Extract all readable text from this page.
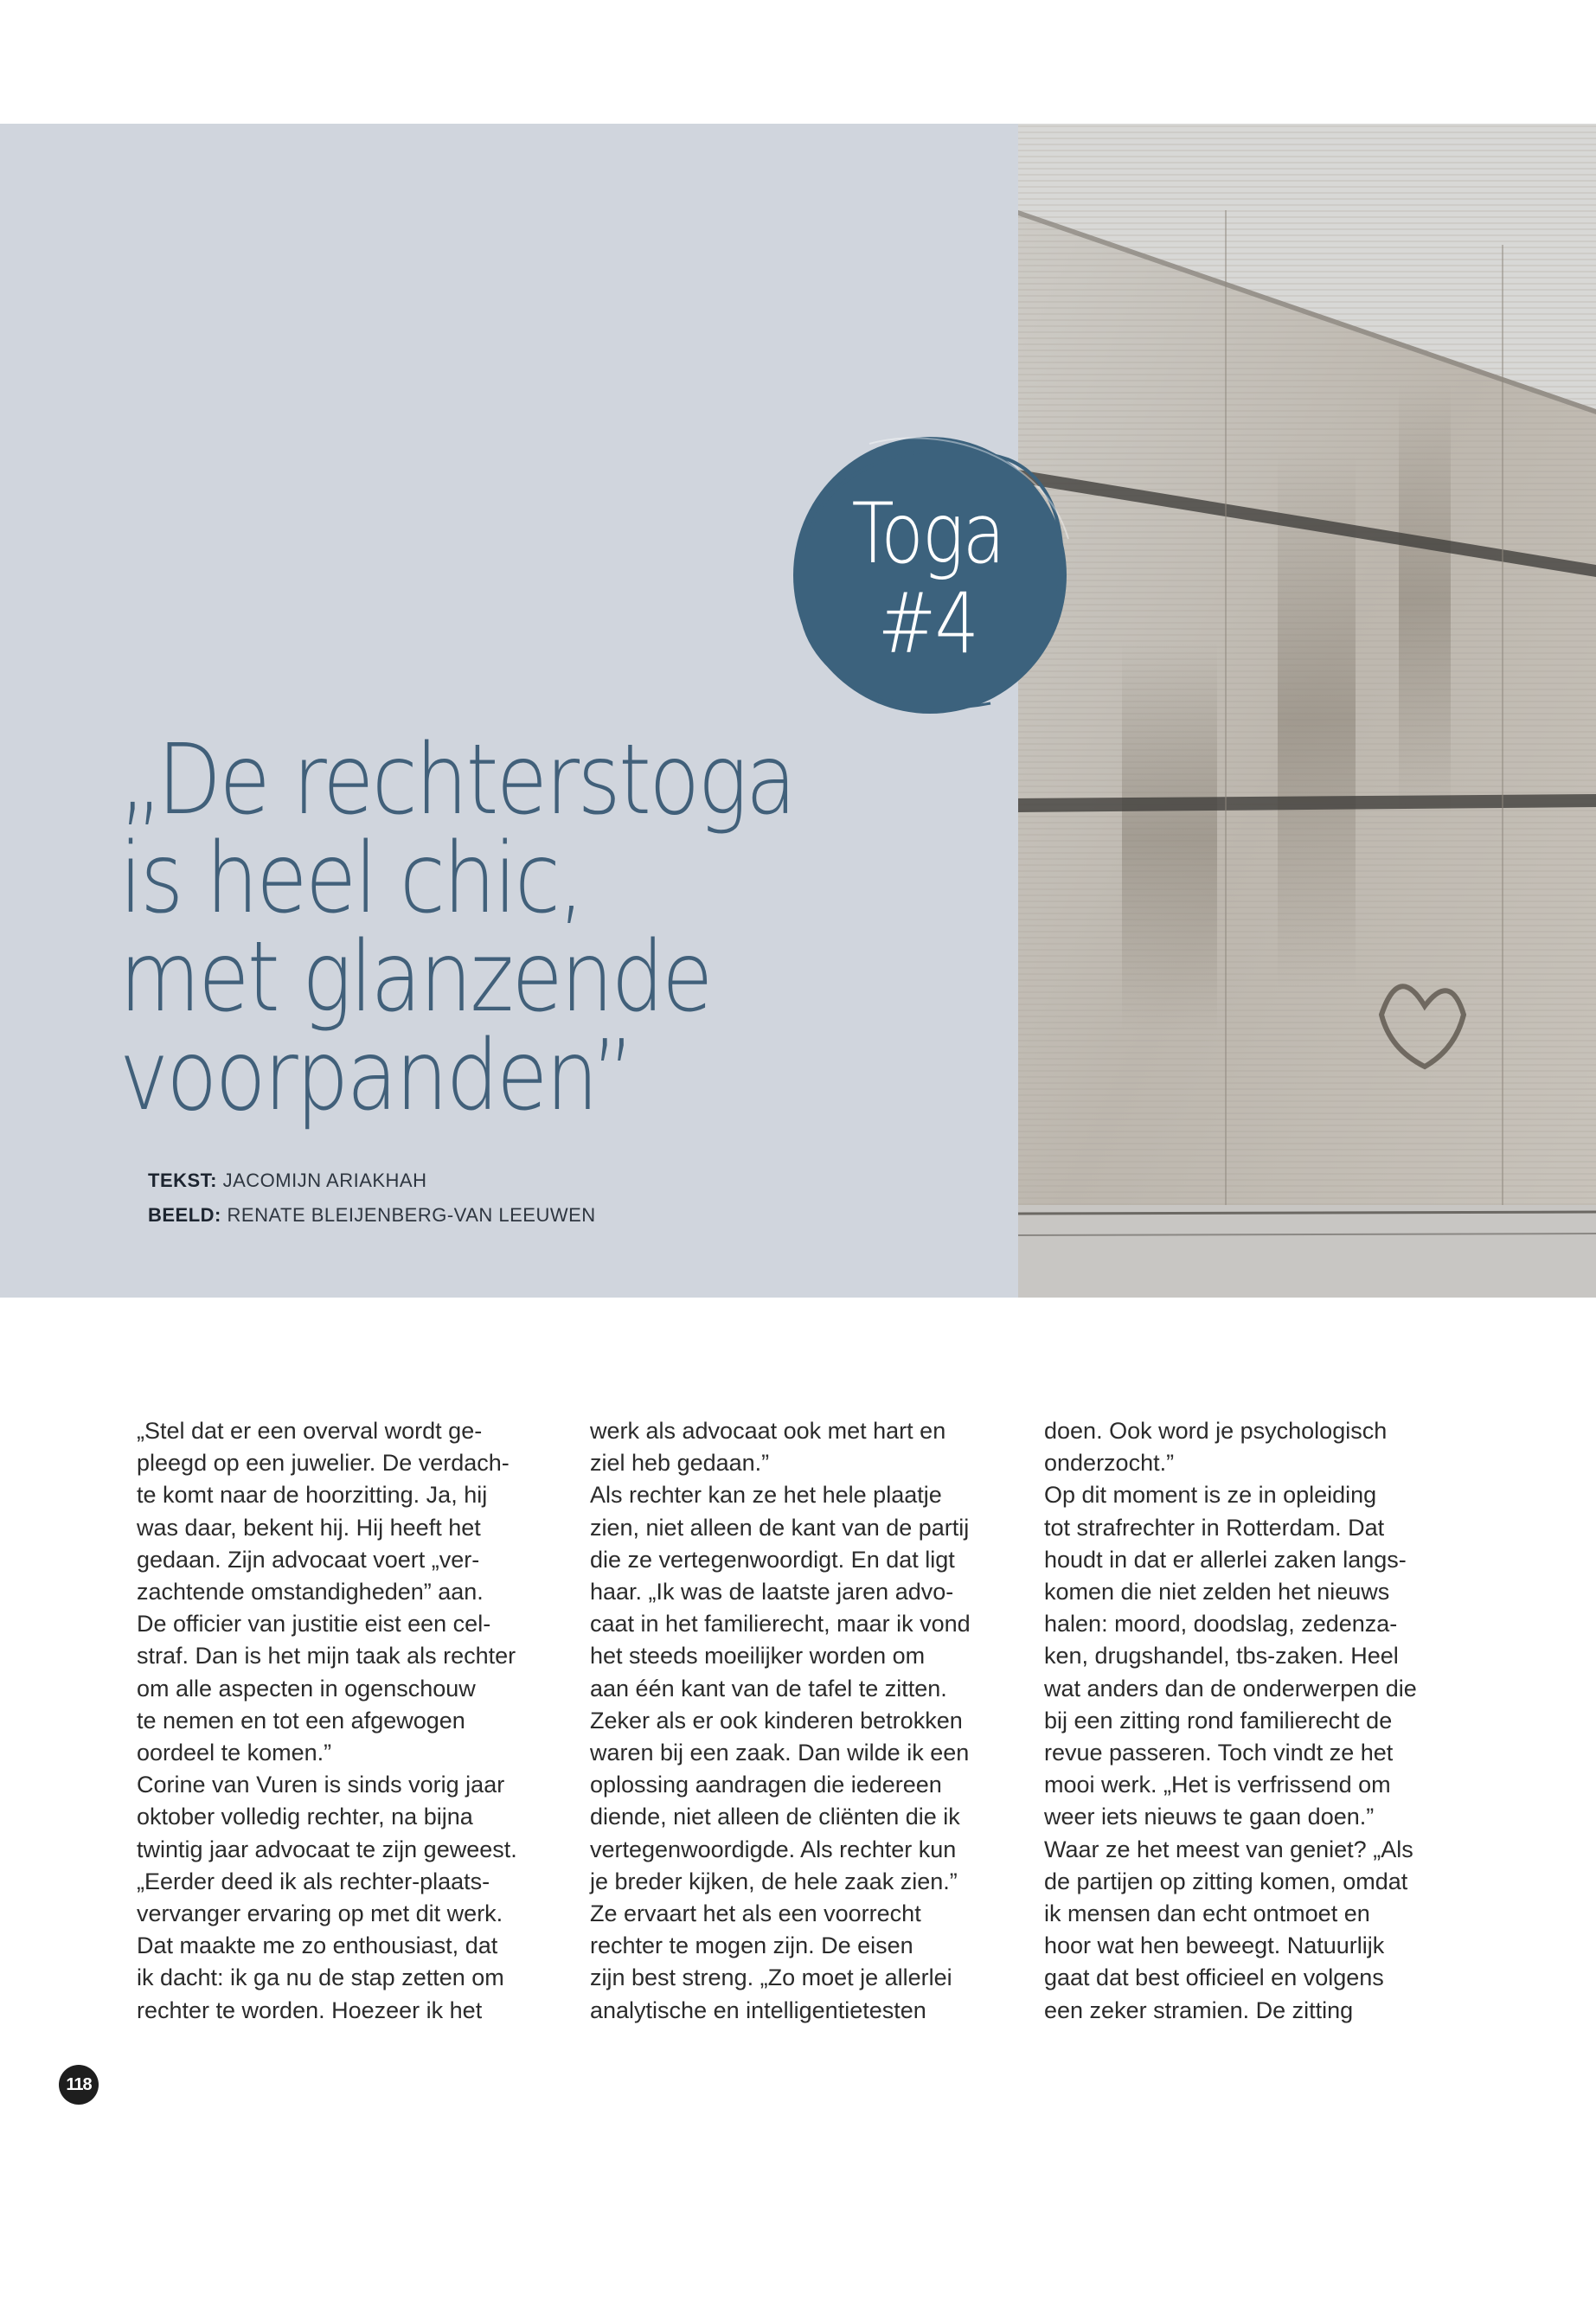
Toga
#4
„De rechterstoga
is heel chic,
met glanzende
voorpanden”
TEKST: JACOMIJN ARIAKHAH
BEELD: RENATE BLEIJENBERG-VAN LEEUWEN
„Stel dat er een overval wordt ge-
pleegd op een juwelier. De verdach-
te komt naar de hoorzitting. Ja, hij
was daar, bekent hij. Hij heeft het
gedaan. Zijn advocaat voert „ver-
zachtende omstandigheden” aan.
De officier van justitie eist een cel-
straf. Dan is het mijn taak als rechter
om alle aspecten in ogenschouw
te nemen en tot een afgewogen
oordeel te komen.”
Corine van Vuren is sinds vorig jaar
oktober volledig rechter, na bijna
twintig jaar advocaat te zijn geweest.
„Eerder deed ik als rechter-plaats-
vervanger ervaring op met dit werk.
Dat maakte me zo enthousiast, dat
ik dacht: ik ga nu de stap zetten om
rechter te worden. Hoezeer ik het
werk als advocaat ook met hart en
ziel heb gedaan.”
Als rechter kan ze het hele plaatje
zien, niet alleen de kant van de partij
die ze vertegenwoordigt. En dat ligt
haar. „Ik was de laatste jaren advo-
caat in het familierecht, maar ik vond
het steeds moeilijker worden om
aan één kant van de tafel te zitten.
Zeker als er ook kinderen betrokken
waren bij een zaak. Dan wilde ik een
oplossing aandragen die iedereen
diende, niet alleen de cliënten die ik
vertegenwoordigde. Als rechter kun
je breder kijken, de hele zaak zien.”
Ze ervaart het als een voorrecht
rechter te mogen zijn. De eisen
zijn best streng. „Zo moet je allerlei
analytische en intelligentietesten
doen. Ook word je psychologisch
onderzocht.”
Op dit moment is ze in opleiding
tot strafrechter in Rotterdam. Dat
houdt in dat er allerlei zaken langs-
komen die niet zelden het nieuws
halen: moord, doodslag, zedenza-
ken, drugshandel, tbs-zaken. Heel
wat anders dan de onderwerpen die
bij een zitting rond familierecht de
revue passeren. Toch vindt ze het
mooi werk. „Het is verfrissend om
weer iets nieuws te gaan doen.”
Waar ze het meest van geniet? „Als
de partijen op zitting komen, omdat
ik mensen dan echt ontmoet en
hoor wat hen beweegt. Natuurlijk
gaat dat best officieel en volgens
een zeker stramien. De zitting
118
